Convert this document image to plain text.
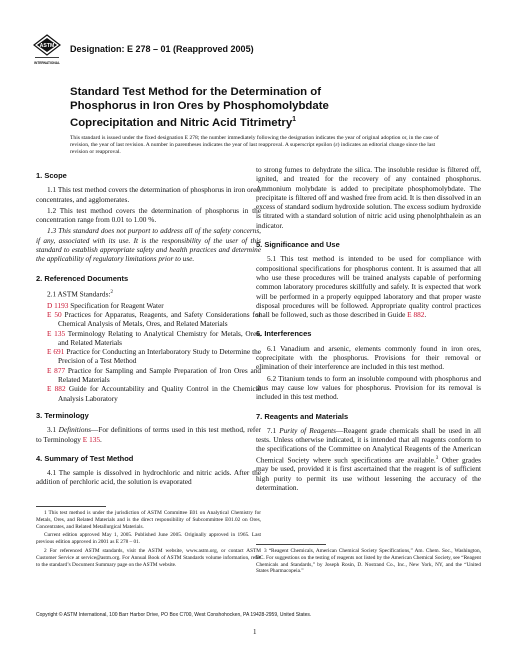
ASTM
INTERNATIONAL
Designation: E 278 – 01 (Reapproved 2005)
Standard Test Method for the Determination of
Phosphorus in Iron Ores by Phosphomolybdate
Coprecipitation and Nitric Acid Titrimetry$^1$
This standard is issued under the fixed designation E 278; the number immediately following the designation indicates the year of original adoption or, in the case of revision, the year of last revision. A number in parentheses indicates the year of last reapproval. A superscript epsilon (ε) indicates an editorial change since the last revision or reapproval.
1. Scope

1.1 This test method covers the determination of phosphorus in iron ores, concentrates, and agglomerates.

1.2 This test method covers the determination of phosphorus in the concentration range from 0.01 to 1.00 %.

1.3 This standard does not purport to address all of the safety concerns, if any, associated with its use. It is the responsibility of the user of this standard to establish appropriate safety and health practices and determine the applicability of regulatory limitations prior to use.

2. Referenced Documents

2.1 ASTM Standards:$^2$

D 1193 Specification for Reagent Water

E 50 Practices for Apparatus, Reagents, and Safety Considerations for Chemical Analysis of Metals, Ores, and Related Materials

E 135 Terminology Relating to Analytical Chemistry for Metals, Ores, and Related Materials

E 691 Practice for Conducting an Interlaboratory Study to Determine the Precision of a Test Method

E 877 Practice for Sampling and Sample Preparation of Iron Ores and Related Materials

E 882 Guide for Accountability and Quality Control in the Chemical Analysis Laboratory

3. Terminology

3.1 Definitions—For definitions of terms used in this test method, refer to Terminology E 135.

4. Summary of Test Method

4.1 The sample is dissolved in hydrochloric and nitric acids. After the addition of perchloric acid, the solution is evaporated

1 This test method is under the jurisdiction of ASTM Committee E01 on Analytical Chemistry for Metals, Ores, and Related Materials and is the direct responsibility of Subcommittee E01.02 on Ores, Concentrates, and Related Metallurgical Materials.

Current edition approved May 1, 2005. Published June 2005. Originally approved in 1965. Last previous edition approved in 2001 as E 278 – 01.

2 For referenced ASTM standards, visit the ASTM website, www.astm.org, or contact ASTM Customer Service at service@astm.org. For Annual Book of ASTM Standards volume information, refer to the standard’s Document Summary page on the ASTM website.

to strong fumes to dehydrate the silica. The insoluble residue is filtered off, ignited, and treated for the recovery of any contained phosphorus. Ammonium molybdate is added to precipitate phosphomolybdate. The precipitate is filtered off and washed free from acid. It is then dissolved in an excess of standard sodium hydroxide solution. The excess sodium hydroxide is titrated with a standard solution of nitric acid using phenolphthalein as an indicator.

5. Significance and Use

5.1 This test method is intended to be used for compliance with compositional specifications for phosphorus content. It is assumed that all who use these procedures will be trained analysts capable of performing common laboratory procedures skillfully and safely. It is expected that work will be performed in a properly equipped laboratory and that proper waste disposal procedures will be followed. Appropriate quality control practices shall be followed, such as those described in Guide E 882.

6. Interferences

6.1 Vanadium and arsenic, elements commonly found in iron ores, coprecipitate with the phosphorus. Provisions for their removal or elimination of their interference are included in this test method.

6.2 Titanium tends to form an insoluble compound with phosphorus and thus may cause low values for phosphorus. Provision for its removal is included in this test method.

7. Reagents and Materials

7.1 Purity of Reagents—Reagent grade chemicals shall be used in all tests. Unless otherwise indicated, it is intended that all reagents conform to the specifications of the Committee on Analytical Reagents of the American Chemical Society where such specifications are available.$^3$ Other grades may be used, provided it is first ascertained that the reagent is of sufficient high purity to permit its use without lessening the accuracy of the determination.

3 “Reagent Chemicals, American Chemical Society Specifications,” Am. Chem. Soc., Washington, DC. For suggestions on the testing of reagents not listed by the American Chemical Society, see “Reagent Chemicals and Standards,” by Joseph Rosin, D. Nostrand Co., Inc., New York, NY, and the “United States Pharmacopeia.”

Copyright © ASTM International, 100 Barr Harbor Drive, PO Box C700, West Conshohocken, PA 19428-2959, United States.
1
